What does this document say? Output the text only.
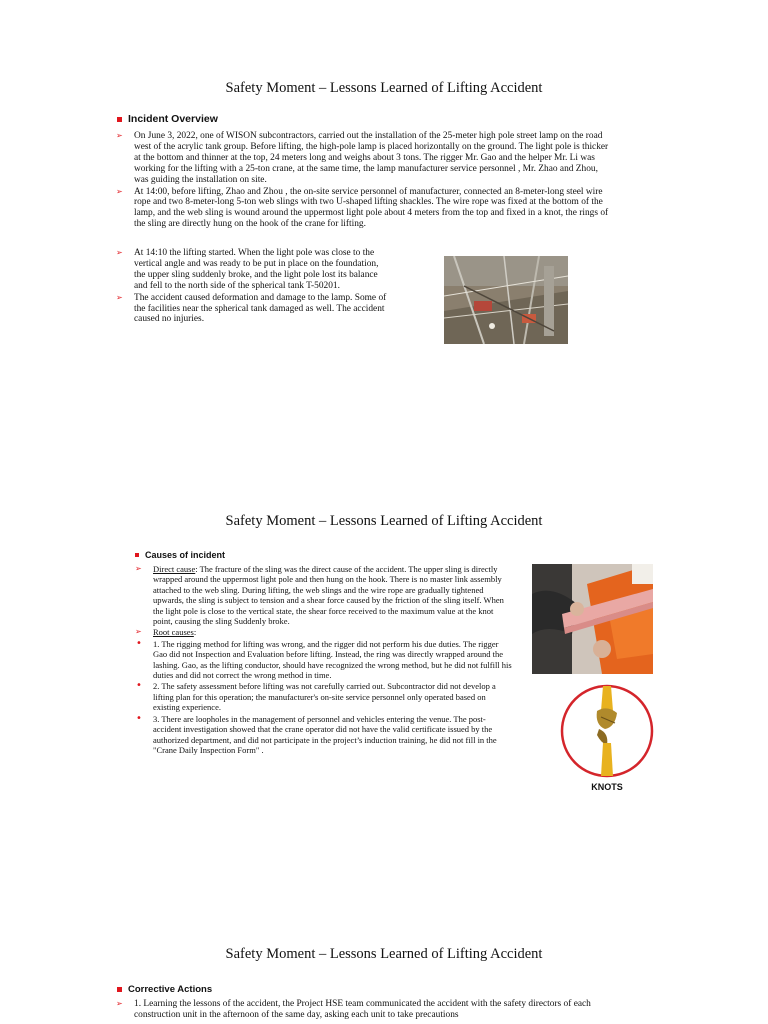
Safety Moment – Lessons Learned of Lifting Accident
Incident Overview
➢ On June 3, 2022, one of WISON subcontractors, carried out the installation of the 25-meter high pole street lamp on the road west of the acrylic tank group. Before lifting, the high-pole lamp is placed horizontally on the ground. The light pole is thicker at the bottom and thinner at the top, 24 meters long and weighs about 3 tons. The rigger Mr. Gao and the helper Mr. Li was working for the lifting with a 25-ton crane, at the same time, the lamp manufacturer service personnel , Mr. Zhao and Zhou, was guiding the installation on site.
➢ At 14:00, before lifting, Zhao and Zhou , the on-site service personnel of manufacturer, connected an 8-meter-long steel wire rope and two 8-meter-long 5-ton web slings with two U-shaped lifting shackles. The wire rope was fixed at the bottom of the lamp, and the web sling is wound around the uppermost light pole about 4 meters from the top and fixed in a knot, the rings of the sling are directly hung on the hook of the crane for lifting.
➢ At 14:10 the lifting started. When the light pole was close to the vertical angle and was ready to be put in place on the foundation, the upper sling suddenly broke, and the light pole lost its balance and fell to the north side of the spherical tank T-50201.
➢ The accident caused deformation and damage to the lamp. Some of the facilities near the spherical tank damaged as well. The accident caused no injuries.
Safety Moment – Lessons Learned of Lifting Accident
Causes of incident
➢ Direct cause: The fracture of the sling was the direct cause of the accident. The upper sling is directly wrapped around the uppermost light pole and then hung on the hook. There is no master link assembly attached to the web sling. During lifting, the web slings and the wire rope are gradually tightened upwards, the sling is subject to tension and a shear force caused by the friction of the sling itself. When the light pole is close to the vertical state, the shear force received to the maximum value at the knot point, causing the sling Suddenly broke.
➢ Root causes:
• 1. The rigging method for lifting was wrong, and the rigger did not perform his due duties. The rigger Gao did not Inspection and Evaluation before lifting. Instead, the ring was directly wrapped around the lashing. Gao, as the lifting conductor, should have recognized the wrong method, but he did not fulfill his duties and did not correct the wrong method in time.
• 2. The safety assessment before lifting was not carefully carried out. Subcontractor did not develop a lifting plan for this operation; the manufacturer's on-site service personnel only operated based on existing experience.
• 3. There are loopholes in the management of personnel and vehicles entering the venue. The post-accident investigation showed that the crane operator did not have the valid certificate issued by the authorized department, and did not participate in the project’s induction training, he did not fill in the "Crane Daily Inspection Form" .
KNOTS
Safety Moment – Lessons Learned of Lifting Accident
Corrective Actions
➢ 1. Learning the lessons of the accident, the Project HSE team communicated the accident with the safety directors of each construction unit in the afternoon of the same day, asking each unit to take precautions
